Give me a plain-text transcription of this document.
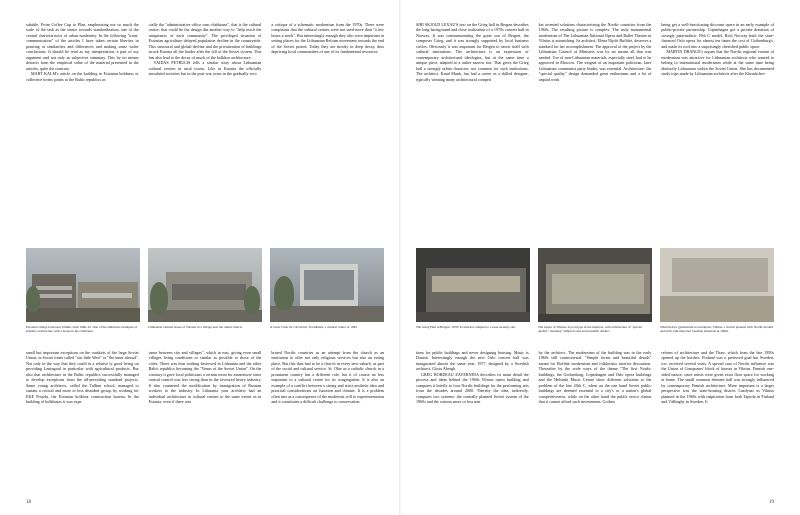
subtitle, From Coffee Cup to Plan, emphasizing not so much the scale of the task as the stance towards standardization, one of the central characteristics of urban modernity. In the following "trans-communication" of the articles I have taken certain liberties in pointing at similarities and differences and making some wider conclusions. It should be read as my interpretation, a part of my argument and not only as subjective summary. This by no means detracts from the empirical value of the material presented in the articles, quite the contrary.

MART KALM's article on the building in Estonian boldness or collective forms points to the Baltic republics as

cially the "administrative office cum clubhouse", that is the cultural centre, that could be the design din another way to "help reach the uniqueness of each community". The privileged situation of Estonian agriculture delayed population decline in the countryside. This structural and global decline and the privatization of buildings struck Estonia all the harder after the fall of the Soviet system. This has also lead to the decay of much of the kolkhoz architecture.

VAIDAS PETRULIS tells a similar story about Lithuanian cultural centres in rural towns. Like in Estonia the officially simulated societies but in the post-war years in the gradually reco

a critique of a schematic modernism from the 1970s. There were complaints that the cultural centres were not used more than "a few hours a week". But interestingly enough they also were important in setting places for the Lithuanian Reform movement towards the end of the Soviet period. Today they are mostly in deep decay, thus depriving local communities of one of its fundamental resources.

Estonian village farm near Tallinn, built 1960–61. One of the ambitious examples of kolkhoz architecture with a house in the clubhouse.
Lithuanian cultural house of Vabalas in a village near the oldest church.	A Clear Cube for Circuit kit, Trondheim, a cultural centre of 1965.

small but important exceptions on the outskirts of the large Soviet Union, in Soviet times called "our little West" or "the inner abroad". Not only in the way that they could in a relative ly good living on providing Leningrad in particular with agricultural products. But also that architecture in the Baltic republics successfully managed to develop exceptions from the all-prevailing standard projects. Same young architects, called the Tallinn school, managed to sustain a critical and more or less dissident group, by working for EKE Projekt, the Estonian kolkhoz construction bureau. In the building of kolkhozes it was expe

tance between city and villages", which in east, giving even small villages living conditions or similar as possible to those of the cities. There was thus nothing bestowed in Lithuania and the other Baltic republics becoming the "Venus of the Soviet Union". On the contrary it gave local politicians a certain room for manoeuvre since central control was less strong than in the favoured heavy industry. It also countered the modification by immigration of Russian workers to the industry. In Lithuania your architect had an individual architecture in cultural centres to the same extent as in Estonia, even if there was

brined Nordic countries as an attempt from the church as an institution to offer not only religious services but also an eating place. But this thus had to be a church in every new suburb, as part of the social and cultural service. St. Olav as a catholic church in a prominent country has a different role, but it of course no less important to a cultural centre for its congregation. It is also an example of a conflict between a strong and strict aesthetic idea and practical considerations on function and climate. It is a problem often met as a consequence of the modernist will to experimentation and it constitutes a difficult challenge to conservation.

18

SIRI SKJOLD LEXAU'S text on the Grieg hall in Bergen describes the long background and close realization of a 1970s concert hall in Norway. It was commemorating the great son of Bergen, the composer Grieg, and it was strongly supported by local business circles. Obviously it was important for Bergen to assert itself with cultural institutions. The architecture is an expression of contemporary architectural ideologies, but at the same time a unique piece, adapted to a rather narrow site. That gives the Grieg hall a strongly urban character, not common for such institutions. The architect, Knud Munk, has had a career as a skilled designer, typically winning many architectural competi

ket oriented solutions characterizing the Nordic countries from the 1960s. The resulting picture is complex. The truly monumental modernism of The Lithuanian National Opera and Ballet Theatre in Vilnius is astonishing. Its architect, Elena Nijolė Bučiūtė, deserves a standard for her accomplishment. The approval of the project by the Lithuanian Council of Ministers was by no means all that was needed. Use of non-Lithuanian materials, especially steel, had to be approved in Moscow. The exigent of an important politician, later Lithuanian communist party leader, was essential. Architecture: the "special quality" design demanded great enthusiasm and a lot of unpaid work

being get a well-functioning discount opera in an early example of public-private partnership. Copenhagen got a private donation of strongly paternalistic 19th C model. Rich Norway built the state-financed Oslo opera for almost ten times the cost of Gothenburg's, and made its roof into a surprisingly cherished public space.

MARTIN DRANGE's argues that the Nordic regional variant of modernism was attractive for Lithuanian architects who wanted to belong to international modernism while at the same time being distinctly Lithuanian within the Soviet Union. She has documented study trips made by Lithuanian architects after the Khrushchev

The Grieg Hall in Bergen, 1978: its interiors adapted to a taste recently site.	The Opera of Vilnius: A prototype in the interiors, with architecture of "special quality", meaning "simple forms and beautiful details".
Small indoor gymnasium in Lundquist, Vilnius, a church planned with Nordic models and built with imported Swedish materials in 1960s.

tions for public buildings and never designing housing. Music is Danish. Interestingly enough the new Oslo concert hall was inaugurated almost the same year, 1977, designed by a Swedish architect, Gösta Åbergh.

GREG BORDEAU ZAVERNINA describes its main detail the process and ideas behind the 1960s Vilnius opera building and compares it briefly to four Nordic buildings for the performing arts from the decades around 2000. Thereby the idea, indirectly, compares two systems: the centrally planned Soviet system of the 1960s and the various more or less mar

by the architect. The modernism of the building was in the early 1960s still controversial. "Simple forms and beautiful details" meant for Bučiūtė modernism and folkloristic interior decoration. Thereafter by the wide ways of the theme "The first Nordic buildings, the Gothenburg, Copenhagen and Oslo opera buildings and the Helsinki Music Centre show different solutions to the problem of the late 20th C, when on the one hand Soviet public buildings are deemed essential to a city's or a nation's global competitiveness, while on the other hand the public sector claims that it cannot afford such investments. Gothen

reform of architecture and the Thaw, which from the late 1950s opened up the borders. Finland was a preferred goal but Sweden, too, received several visits. A special case of Nordic influence was the Union of Composers' block of houses in Vilnius. Finnish one-sided nature, since artists were given extra floor space for working at home. The small common element hall was strongly influenced by contemporary Finnish architecture. More important is a larger perspective was the state-housing district Lazdynai in Vilnius planned in the 1960s with inspiration from both Tapiola in Finland and Vällingby in Sweden. It

19
